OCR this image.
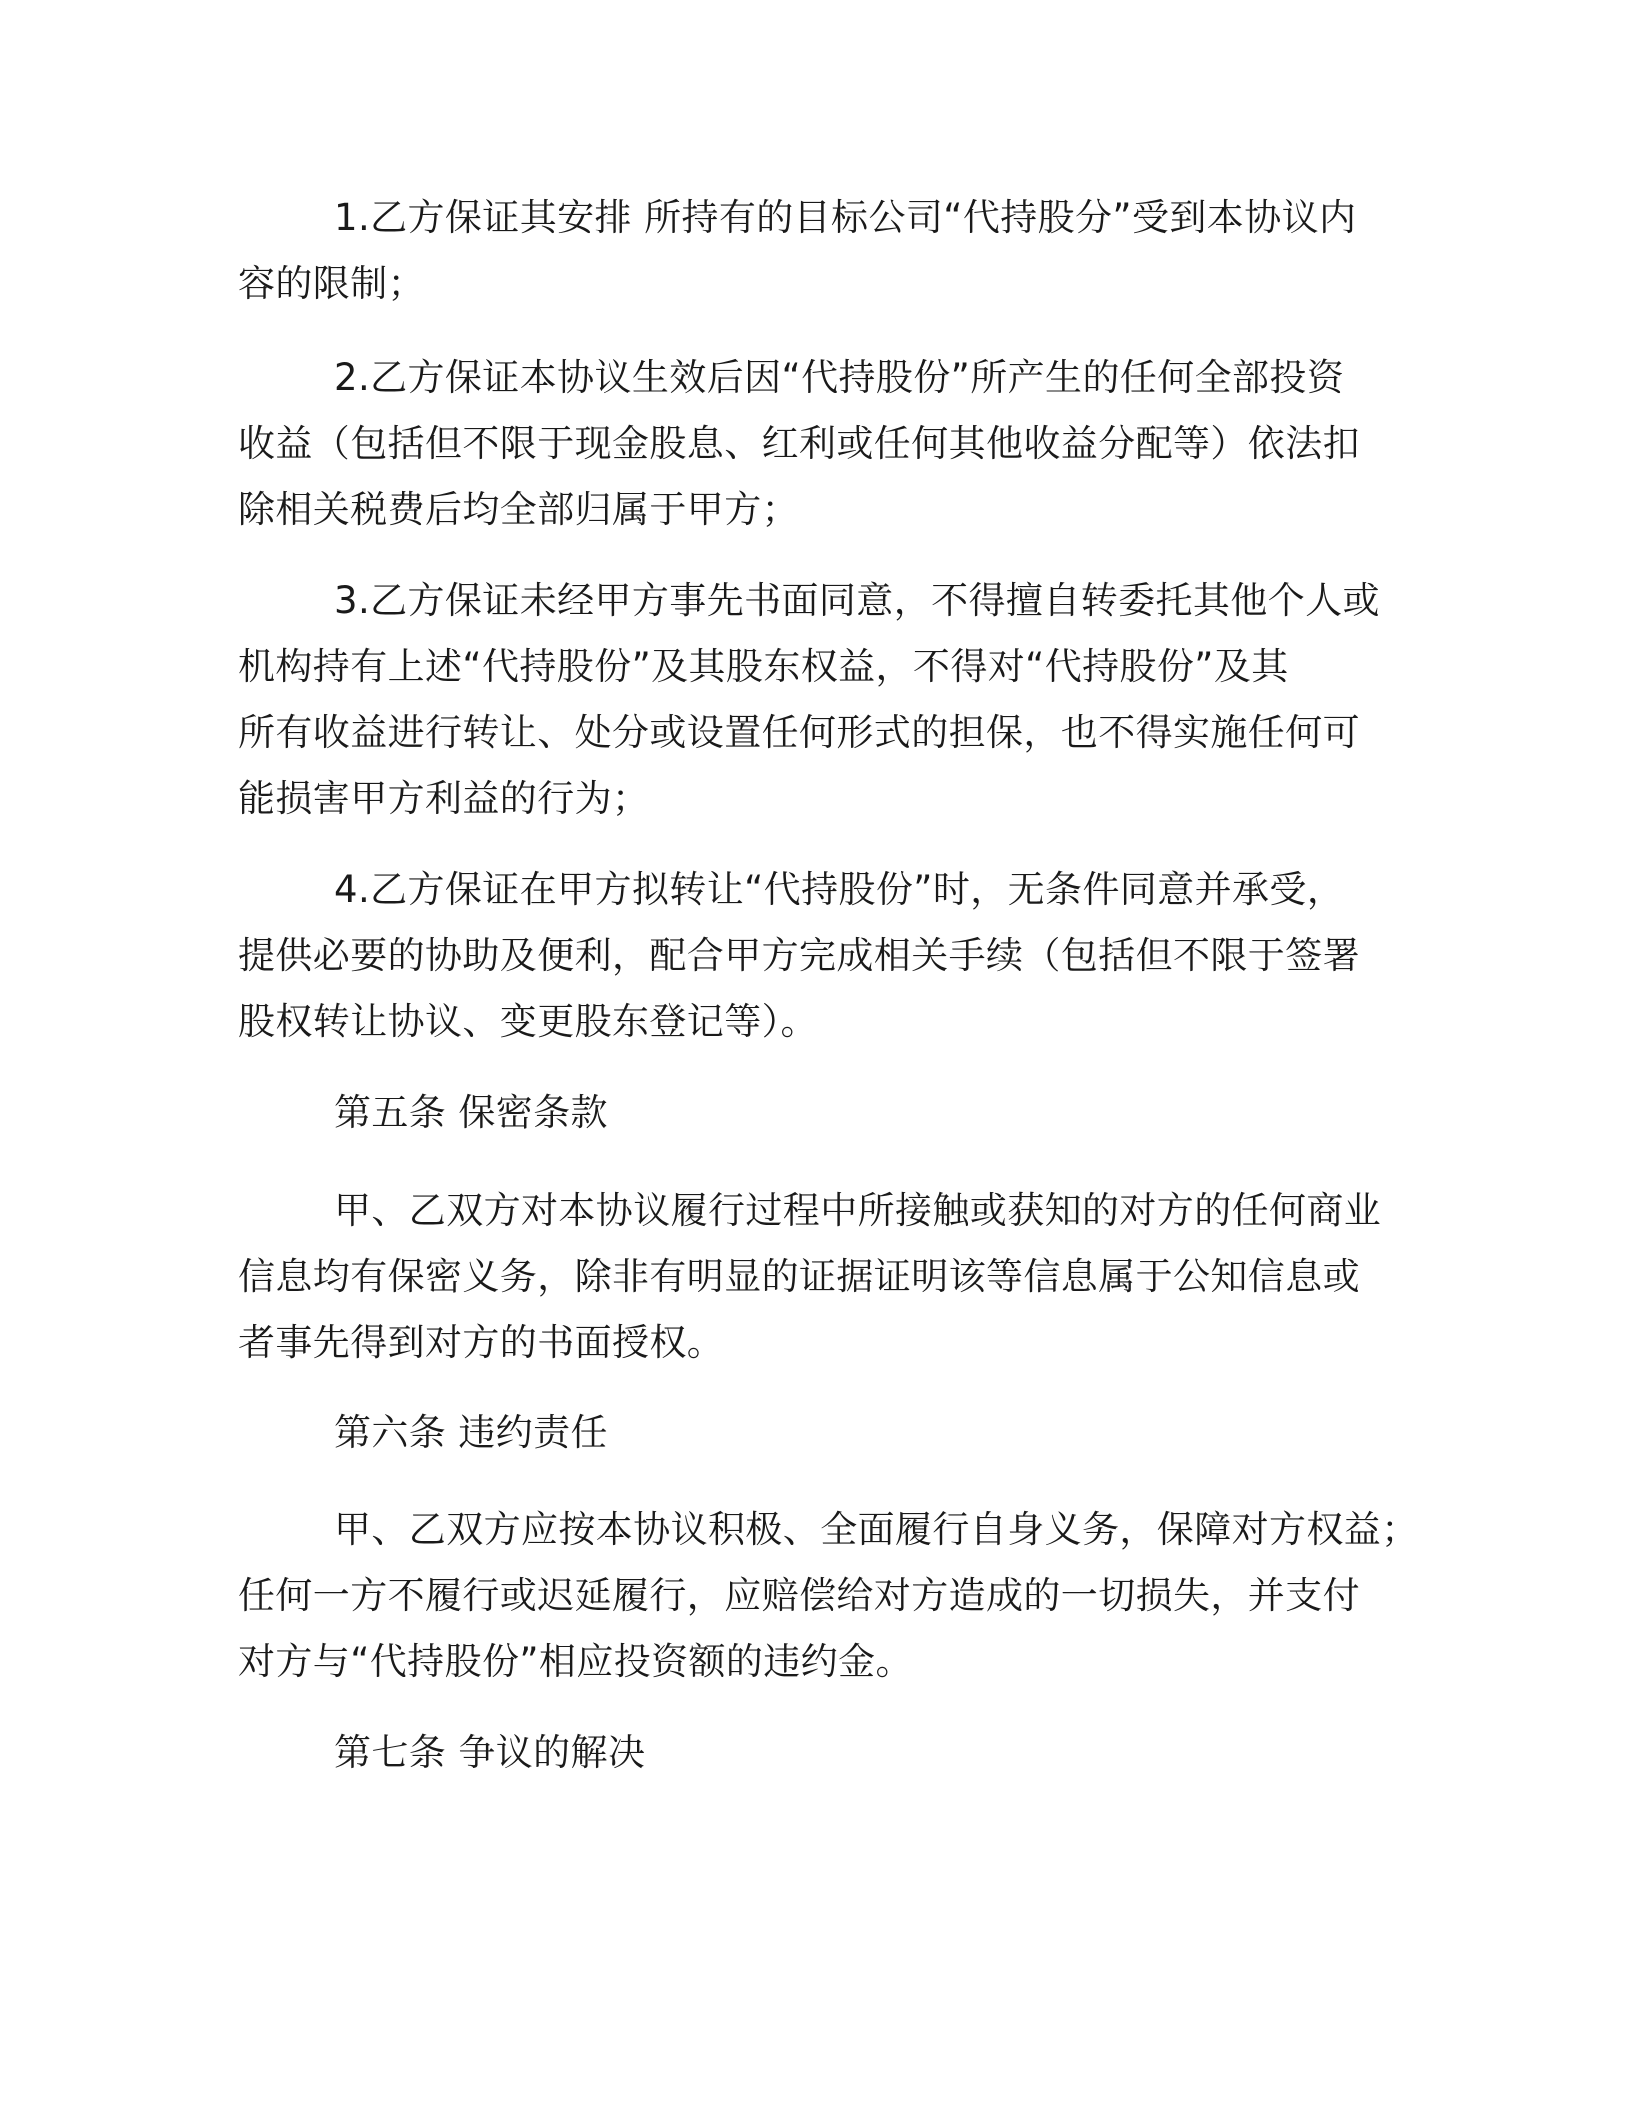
1.乙方保证其安排 所持有的目标公司“代持股分”受到本协议内
容的限制；
2.乙方保证本协议生效后因“代持股份”所产生的任何全部投资
收益（包括但不限于现金股息、红利或任何其他收益分配等）依法扣
除相关税费后均全部归属于甲方；
3.乙方保证未经甲方事先书面同意，不得擅自转委托其他个人或
机构持有上述“代持股份”及其股东权益，不得对“代持股份”及其
所有收益进行转让、处分或设置任何形式的担保，也不得实施任何可
能损害甲方利益的行为；
4.乙方保证在甲方拟转让“代持股份”时，无条件同意并承受，
提供必要的协助及便利，配合甲方完成相关手续（包括但不限于签署
股权转让协议、变更股东登记等）。
第五条 保密条款
甲、乙双方对本协议履行过程中所接触或获知的对方的任何商业
信息均有保密义务，除非有明显的证据证明该等信息属于公知信息或
者事先得到对方的书面授权。
第六条 违约责任
甲、乙双方应按本协议积极、全面履行自身义务，保障对方权益；
任何一方不履行或迟延履行，应赔偿给对方造成的一切损失，并支付
对方与“代持股份”相应投资额的违约金。
第七条 争议的解决
